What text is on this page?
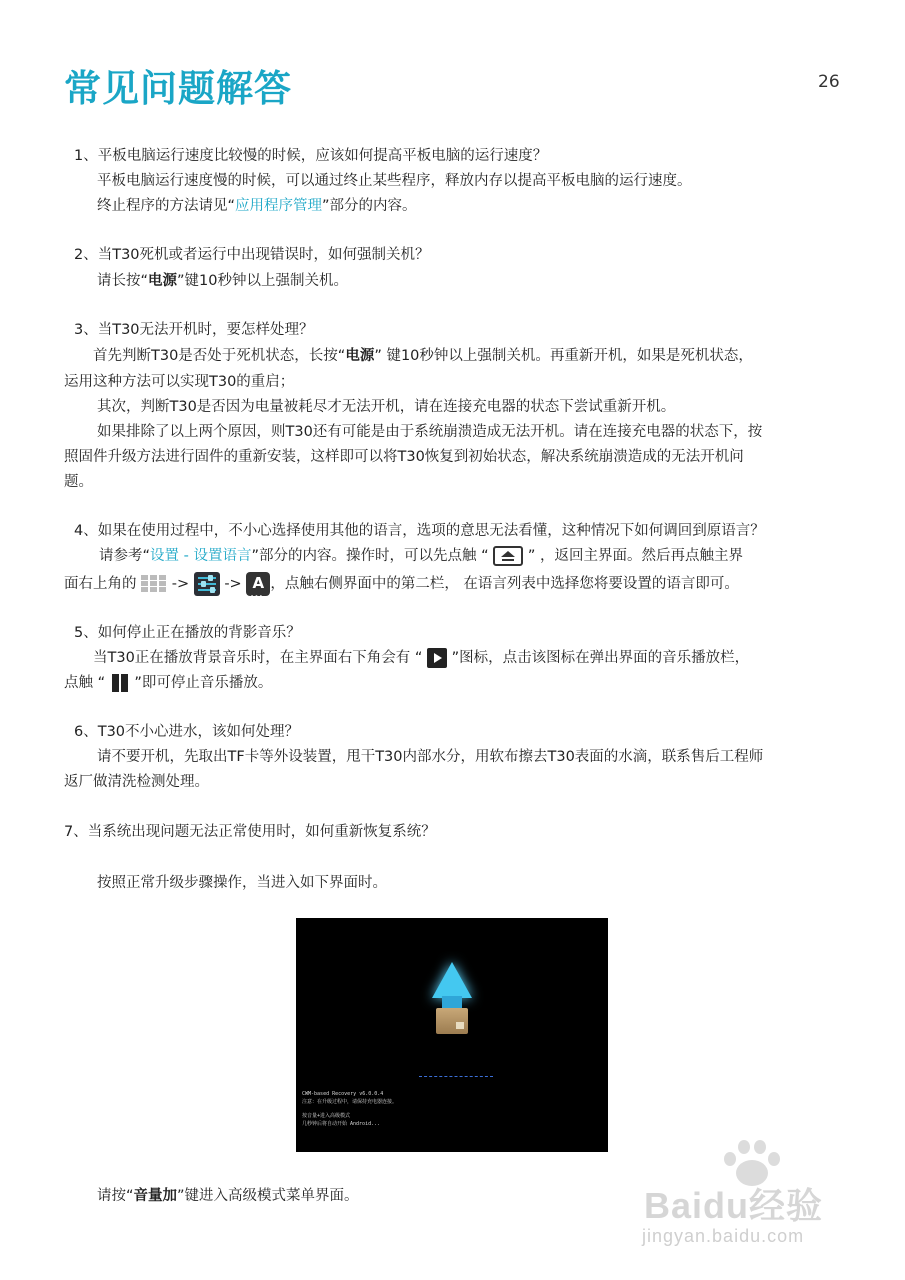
常见问题解答	26
1、平板电脑运行速度比较慢的时候，应该如何提高平板电脑的运行速度？
平板电脑运行速度慢的时候，可以通过终止某些程序，释放内存以提高平板电脑的运行速度。
终止程序的方法请见“应用程序管理”部分的内容。
2、当T30死机或者运行中出现错误时，如何强制关机？
请长按“电源”键10秒钟以上强制关机。
3、当T30无法开机时，要怎样处理？
首先判断T30是否处于死机状态，长按“电源” 键10秒钟以上强制关机。再重新开机，如果是死机状态，
运用这种方法可以实现T30的重启；
其次，判断T30是否因为电量被耗尽才无法开机，请在连接充电器的状态下尝试重新开机。
如果排除了以上两个原因，则T30还有可能是由于系统崩溃造成无法开机。请在连接充电器的状态下，按
照固件升级方法进行固件的重新安装，这样即可以将T30恢复到初始状态，解决系统崩溃造成的无法开机问
题。
4、如果在使用过程中，不小心选择使用其他的语言，选项的意思无法看懂，这种情况下如何调回到原语言？
请参考“设置 - 设置语言”部分的内容。操作时，可以先点触 “	” ，返回主界面。然后再点触主界
面右上角的 -> -> A ... ，点触右侧界面中的第二栏， 在语言列表中选择您将要设置的语言即可。
5、如何停止正在播放的背影音乐？
当T30正在播放背景音乐时，在主界面右下角会有 “ ”图标，点击该图标在弹出界面的音乐播放栏，
点触 “ ”即可停止音乐播放。
6、T30不小心进水，该如何处理？
请不要开机，先取出TF卡等外设装置，甩干T30内部水分，用软布擦去T30表面的水滴，联系售后工程师
返厂做清洗检测处理。
7、当系统出现问题无法正常使用时，如何重新恢复系统？
按照正常升级步骤操作，当进入如下界面时。
CWM-based Recovery v6.0.0.4
注意：在升级过程中，请保持充电器连接。
按音量+进入高级模式
几秒钟后将自动开始 Android...
请按“音量加”键进入高级模式菜单界面。	Baidu经验
jingyan.baidu.com
